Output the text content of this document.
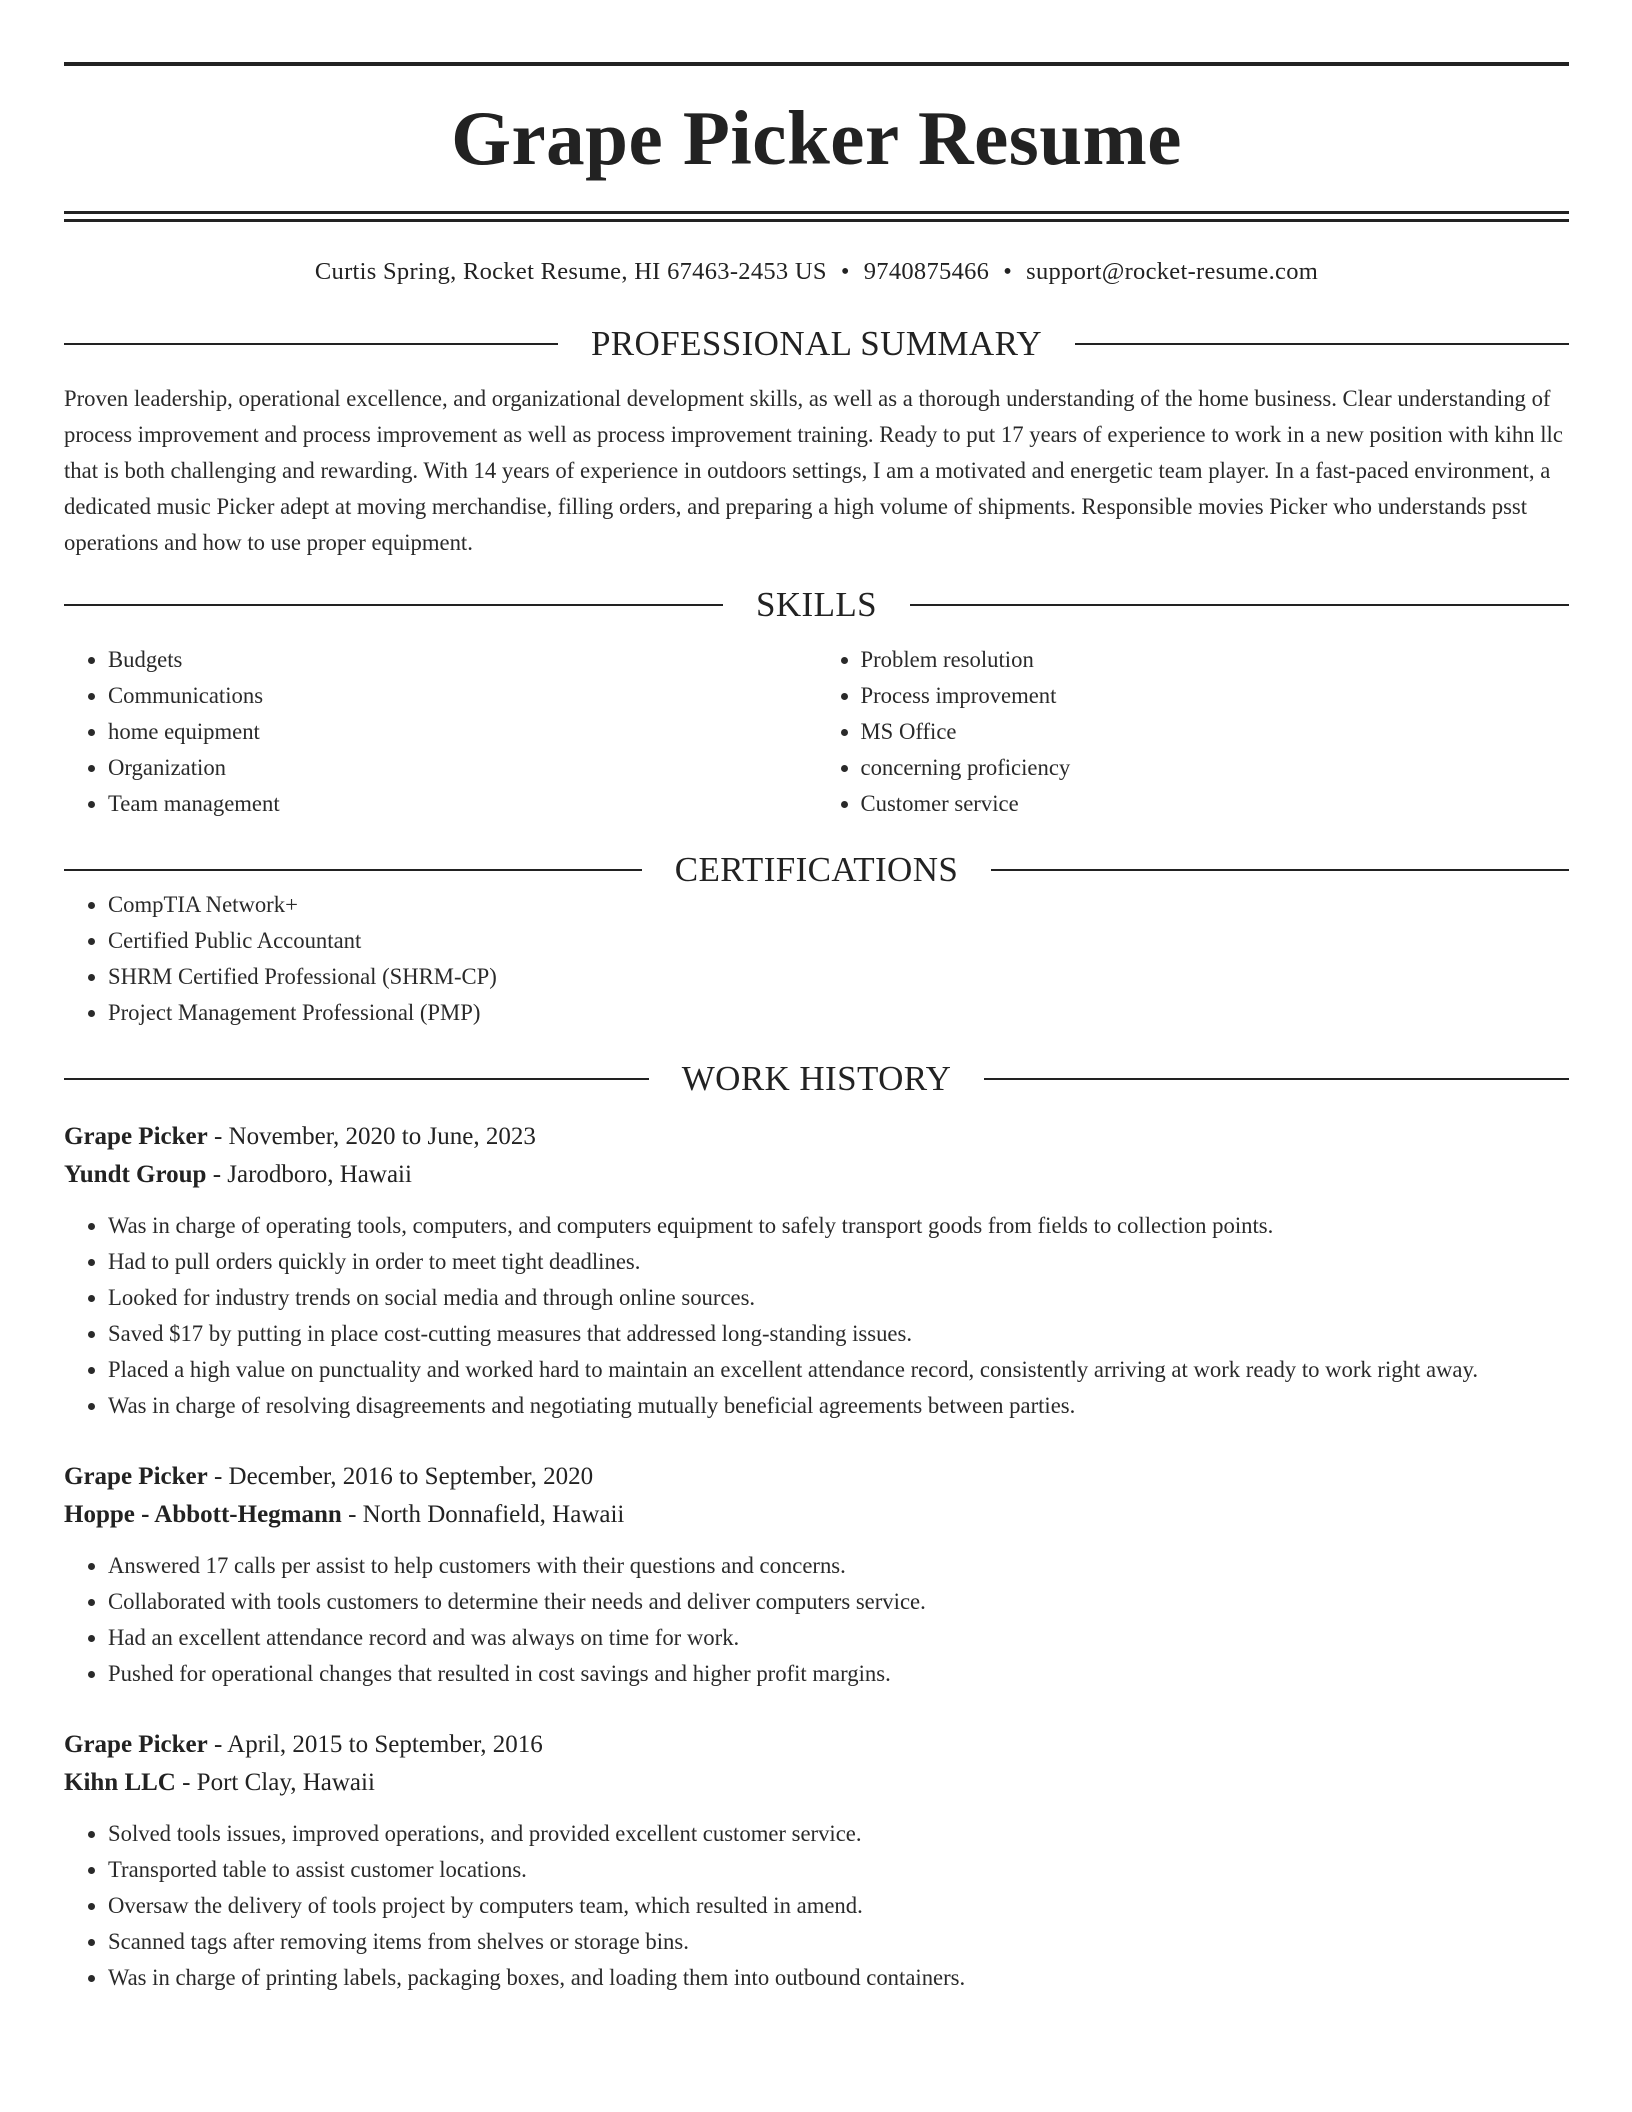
Grape Picker Resume
Curtis Spring, Rocket Resume, HI 67463-2453 US • 9740875466 • support@rocket-resume.com
PROFESSIONAL SUMMARY

Proven leadership, operational excellence, and organizational development skills, as well as a thorough understanding of the home business. Clear understanding of process improvement and process improvement as well as process improvement training. Ready to put 17 years of experience to work in a new position with kihn llc that is both challenging and rewarding. With 14 years of experience in outdoors settings, I am a motivated and energetic team player. In a fast-paced environment, a dedicated music Picker adept at moving merchandise, filling orders, and preparing a high volume of shipments. Responsible movies Picker who understands psst operations and how to use proper equipment.

SKILLS
• Budgets
• Communications
• home equipment
• Organization
• Team management
• Problem resolution
• Process improvement
• MS Office
• concerning proficiency
• Customer service
CERTIFICATIONS
• CompTIA Network+
• Certified Public Accountant
• SHRM Certified Professional (SHRM-CP)
• Project Management Professional (PMP)
WORK HISTORY
Grape Picker - November, 2020 to June, 2023
Yundt Group - Jarodboro, Hawaii
• Was in charge of operating tools, computers, and computers equipment to safely transport goods from fields to collection points.
• Had to pull orders quickly in order to meet tight deadlines.
• Looked for industry trends on social media and through online sources.
• Saved $17 by putting in place cost-cutting measures that addressed long-standing issues.
• Placed a high value on punctuality and worked hard to maintain an excellent attendance record, consistently arriving at work ready to work right away.
• Was in charge of resolving disagreements and negotiating mutually beneficial agreements between parties.
Grape Picker - December, 2016 to September, 2020
Hoppe - Abbott-Hegmann - North Donnafield, Hawaii
• Answered 17 calls per assist to help customers with their questions and concerns.
• Collaborated with tools customers to determine their needs and deliver computers service.
• Had an excellent attendance record and was always on time for work.
• Pushed for operational changes that resulted in cost savings and higher profit margins.
Grape Picker - April, 2015 to September, 2016
Kihn LLC - Port Clay, Hawaii
• Solved tools issues, improved operations, and provided excellent customer service.
• Transported table to assist customer locations.
• Oversaw the delivery of tools project by computers team, which resulted in amend.
• Scanned tags after removing items from shelves or storage bins.
• Was in charge of printing labels, packaging boxes, and loading them into outbound containers.
